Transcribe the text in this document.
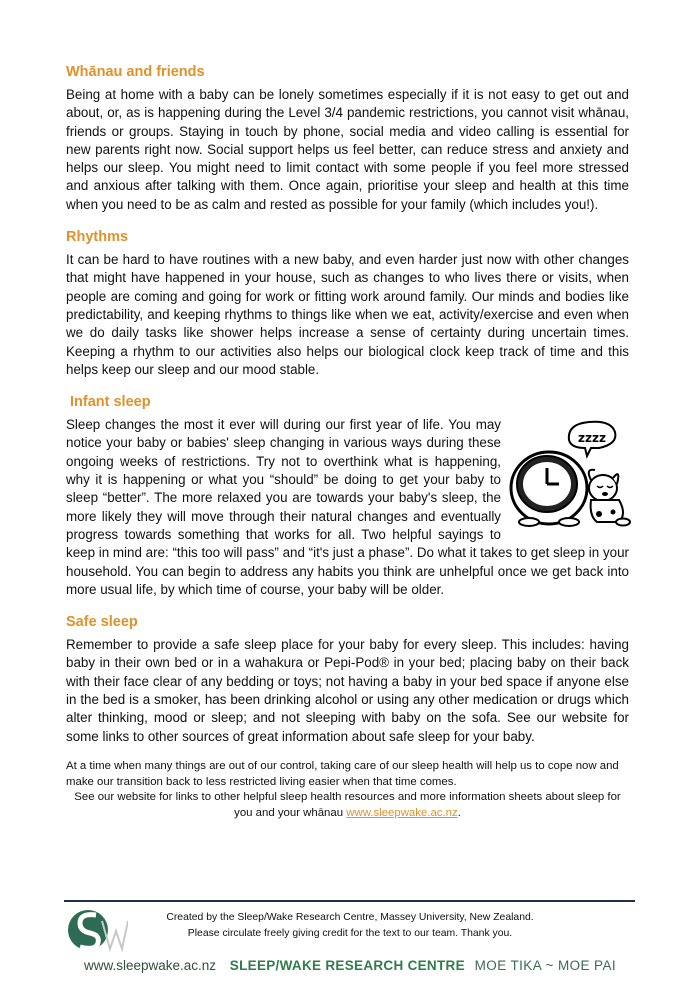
Whānau and friends

Being at home with a baby can be lonely sometimes especially if it is not easy to get out and about, or, as is happening during the Level 3/4 pandemic restrictions, you cannot visit whānau, friends or groups. Staying in touch by phone, social media and video calling is essential for new parents right now. Social support helps us feel better, can reduce stress and anxiety and helps our sleep. You might need to limit contact with some people if you feel more stressed and anxious after talking with them. Once again, prioritise your sleep and health at this time when you need to be as calm and rested as possible for your family (which includes you!).

Rhythms

It can be hard to have routines with a new baby, and even harder just now with other changes that might have happened in your house, such as changes to who lives there or visits, when people are coming and going for work or fitting work around family. Our minds and bodies like predictability, and keeping rhythms to things like when we eat, activity/exercise and even when we do daily tasks like shower helps increase a sense of certainty during uncertain times. Keeping a rhythm to our activities also helps our biological clock keep track of time and this helps keep our sleep and our mood stable.

Infant sleep
zzzz

Sleep changes the most it ever will during our first year of life. You may notice your baby or babies' sleep changing in various ways during these ongoing weeks of restrictions. Try not to overthink what is happening, why it is happening or what you “should” be doing to get your baby to sleep “better”. The more relaxed you are towards your baby's sleep, the more likely they will move through their natural changes and eventually progress towards something that works for all. Two helpful sayings to keep in mind are: “this too will pass” and “it's just a phase”. Do what it takes to get sleep in your household. You can begin to address any habits you think are unhelpful once we get back into more usual life, by which time of course, your baby will be older.

Safe sleep

Remember to provide a safe sleep place for your baby for every sleep. This includes: having baby in their own bed or in a wahakura or Pepi-Pod® in your bed; placing baby on their back with their face clear of any bedding or toys; not having a baby in your bed space if anyone else in the bed is a smoker, has been drinking alcohol or using any other medication or drugs which alter thinking, mood or sleep; and not sleeping with baby on the sofa. See our website for some links to other sources of great information about safe sleep for your baby.

At a time when many things are out of our control, taking care of our sleep health will help us to cope now and make our transition back to less restricted living easier when that time comes.

See our website for links to other helpful sleep health resources and more information sheets about sleep for you and your whānau www.sleepwake.ac.nz.

Created by the Sleep/Wake Research Centre, Massey University, New Zealand.
Please circulate freely giving credit for the text to our team. Thank you.
www.sleepwake.ac.nz SLEEP/WAKE RESEARCH CENTRE MOE TIKA ~ MOE PAI
